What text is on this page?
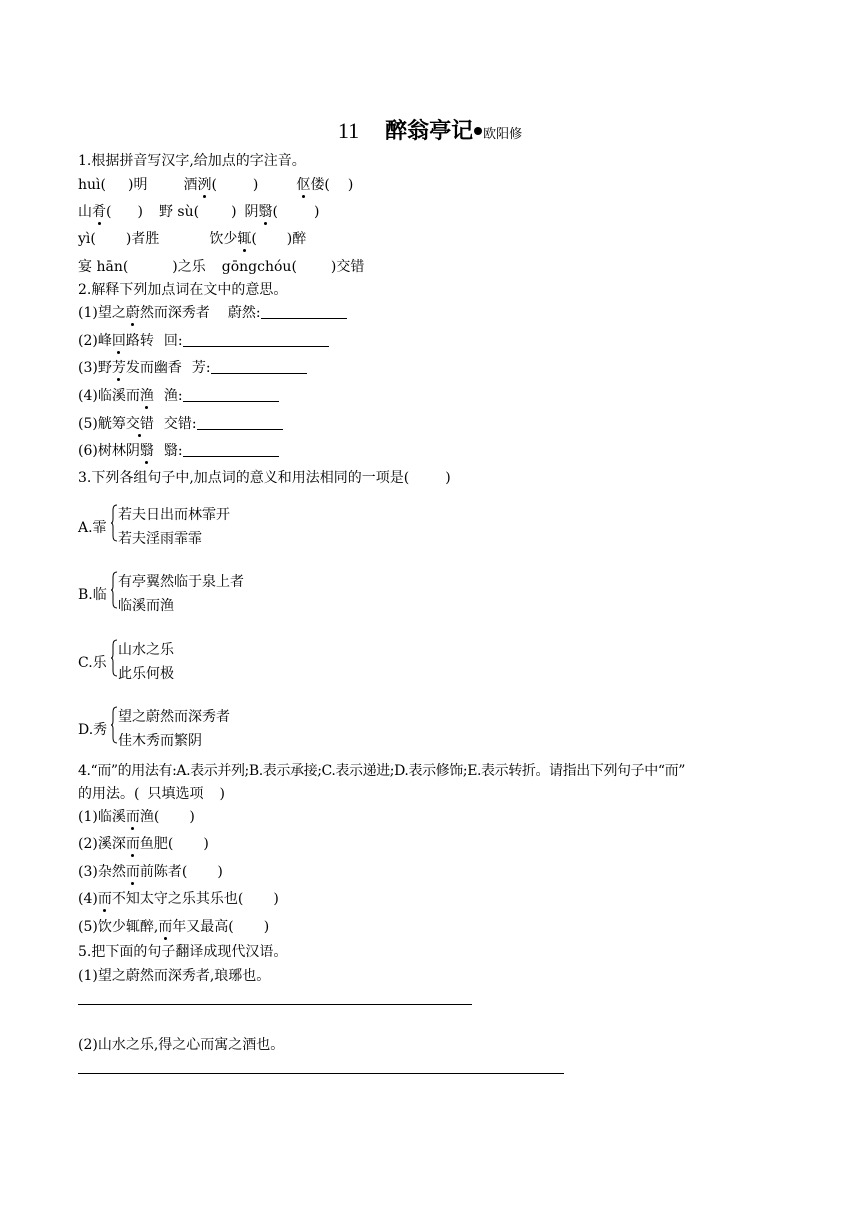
11 醉翁亭记 欧阳修
1.根据拼音写汉字,给加点的字注音。
huì( )明	酒洌(	)	伛偻( )
山肴( ) 野 sù( ) 阴翳(	)
yì( )者胜	饮少辄( )醉
宴 hān(	)之乐 gōngchóu( )交错
2.解释下列加点词在文中的意思。
(1)望之蔚然而深秀者 蔚然:
(2)峰回路转 回:
(3)野芳发而幽香 芳:
(4)临溪而渔 渔:
(5)觥筹交错 交错:
(6)树林阴翳 翳:
3.下列各组句子中,加点词的意义和用法相同的一项是(	)
A.霏
若夫日出而林霏开
若夫淫雨霏霏
B.临
有亭翼然临于泉上者
临溪而渔
C.乐
山水之乐
此乐何极
D.秀
望之蔚然而深秀者
佳木秀而繁阴
4.“而”的用法有:A.表示并列;B.表示承接;C.表示递进;D.表示修饰;E.表示转折。请指出下列句子中“而”
的用法。( 只填选项 )
(1)临溪而渔( )
(2)溪深而鱼肥( )
(3)杂然而前陈者( )
(4)而不知太守之乐其乐也( )
(5)饮少辄醉,而年又最高( )
5.把下面的句子翻译成现代汉语。
(1)望之蔚然而深秀者,琅琊也。
(2)山水之乐,得之心而寓之酒也。
